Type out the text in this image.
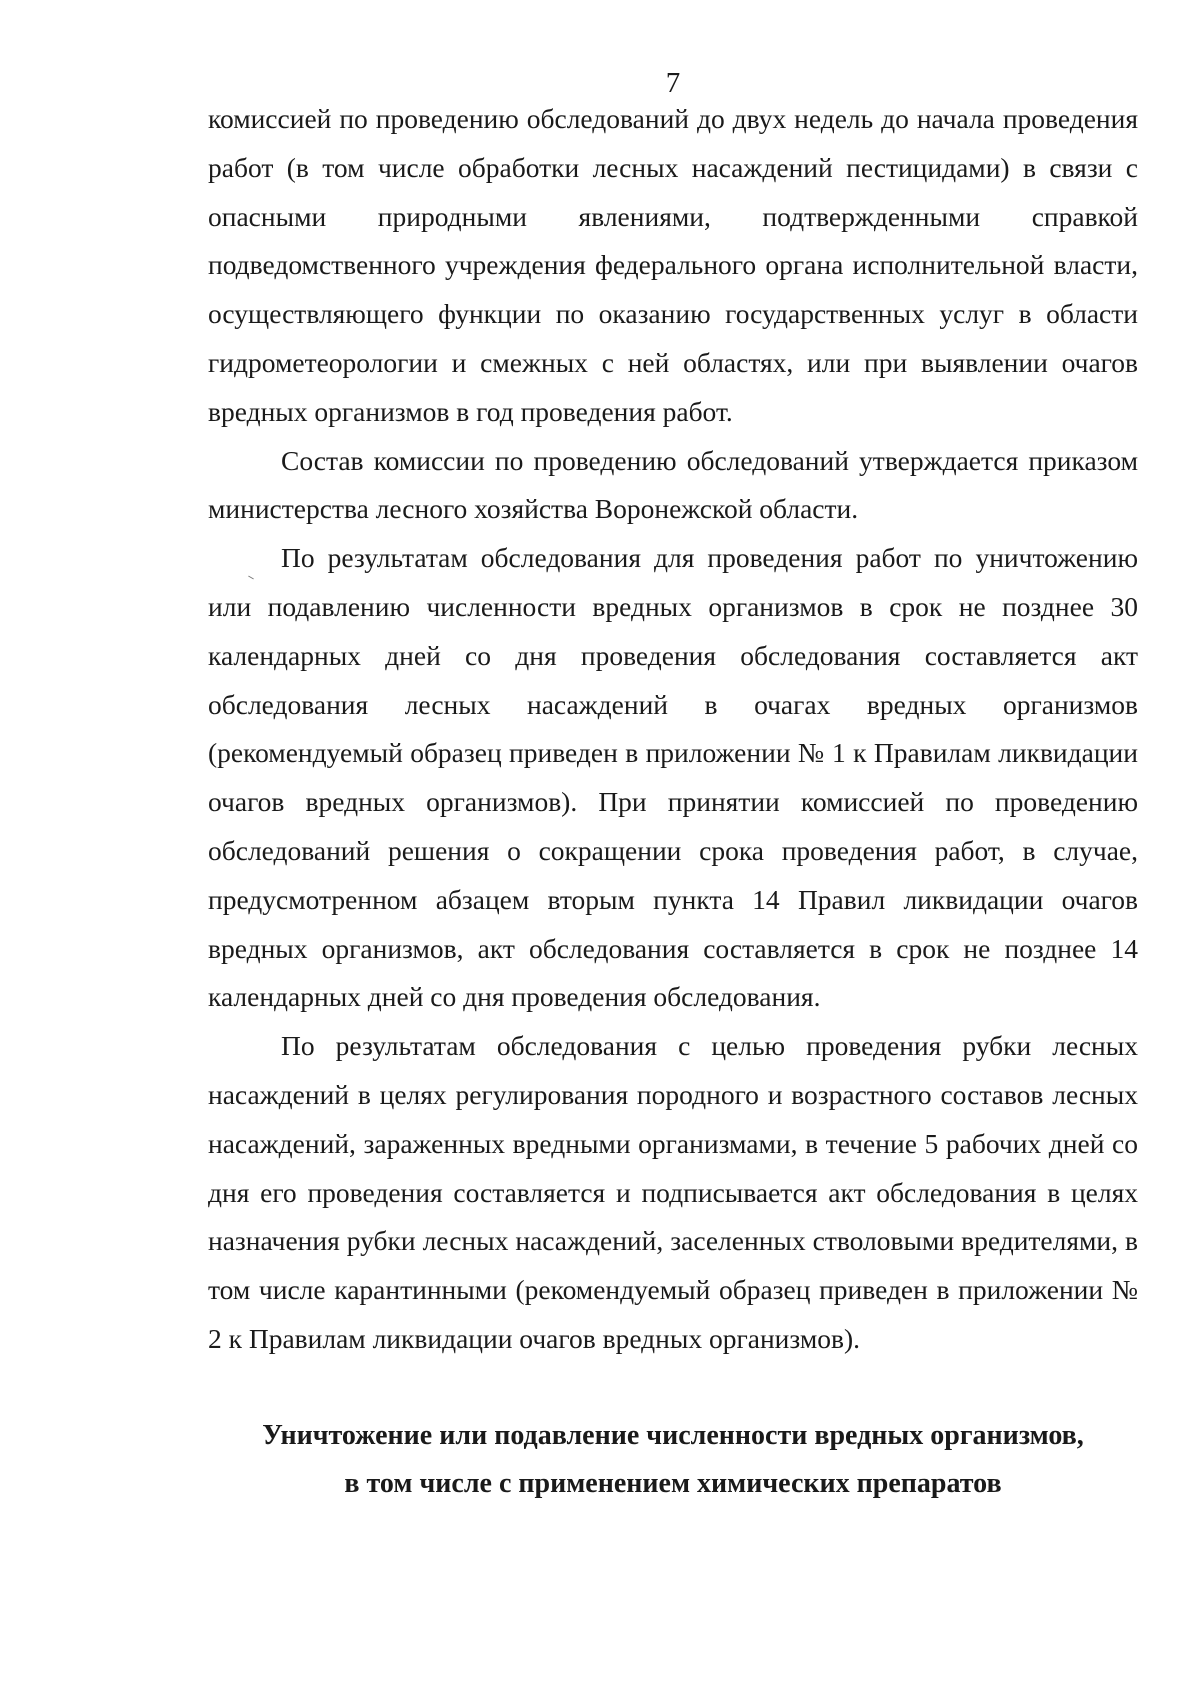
7

комиссией по проведению обследований до двух недель до начала проведения работ (в том числе обработки лесных насаждений пестицидами) в связи с опасными природными явлениями, подтвержденными справкой подведомственного учреждения федерального органа исполнительной власти, осуществляющего функции по оказанию государственных услуг в области гидрометеорологии и смежных с ней областях, или при выявлении очагов вредных организмов в год проведения работ.

Состав комиссии по проведению обследований утверждается приказом министерства лесного хозяйства Воронежской области.

По результатам обследования для проведения работ по уничтожению или подавлению численности вредных организмов в срок не позднее 30 календарных дней со дня проведения обследования составляется акт обследования лесных насаждений в очагах вредных организмов (рекомендуемый образец приведен в приложении № 1 к Правилам ликвидации очагов вредных организмов). При принятии комиссией по проведению обследований решения о сокращении срока проведения работ, в случае, предусмотренном абзацем вторым пункта 14 Правил ликвидации очагов вредных организмов, акт обследования составляется в срок не позднее 14 календарных дней со дня проведения обследования.

По результатам обследования с целью проведения рубки лесных насаждений в целях регулирования породного и возрастного составов лесных насаждений, зараженных вредными организмами, в течение 5 рабочих дней со дня его проведения составляется и подписывается акт обследования в целях назначения рубки лесных насаждений, заселенных стволовыми вредителями, в том числе карантинными (рекомендуемый образец приведен в приложении № 2 к Правилам ликвидации очагов вредных организмов).

Уничтожение или подавление численности вредных организмов,
в том числе с применением химических препаратов
